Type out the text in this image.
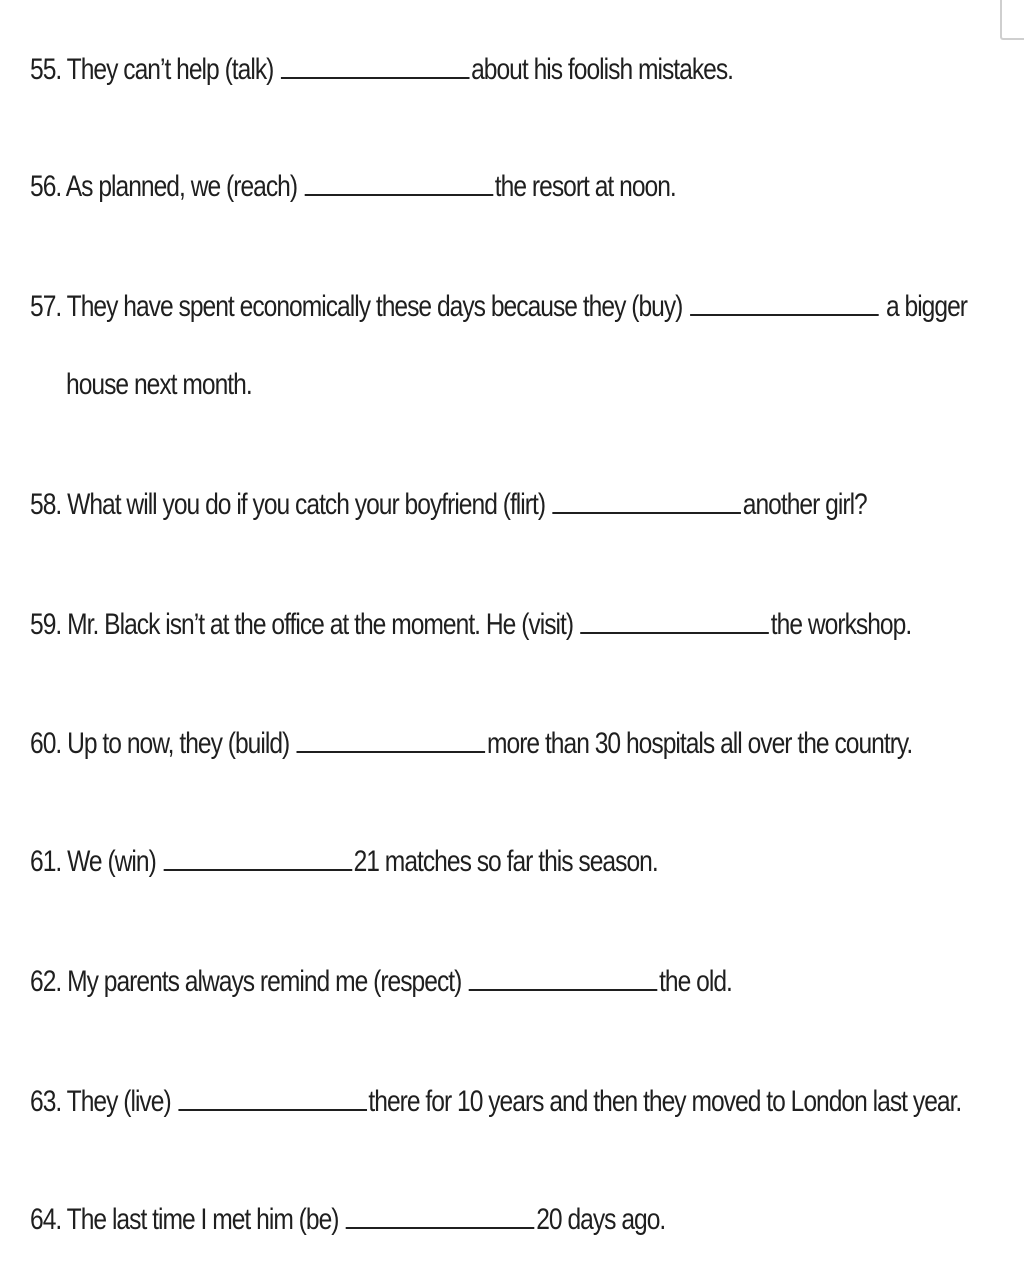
55. They can’t help (talk)	about his foolish mistakes.
56. As planned, we (reach)	the resort at noon.
57. They have spent economically these days because they (buy)	a bigger
house next month.
58. What will you do if you catch your boyfriend (flirt)	another girl?
59. Mr. Black isn’t at the office at the moment. He (visit)	the workshop.
60. Up to now, they (build)	more than 30 hospitals all over the country.
61. We (win)	21 matches so far this season.
62. My parents always remind me (respect)	the old.
63. They (live)	there for 10 years and then they moved to London last year.
64. The last time I met him (be)	20 days ago.
